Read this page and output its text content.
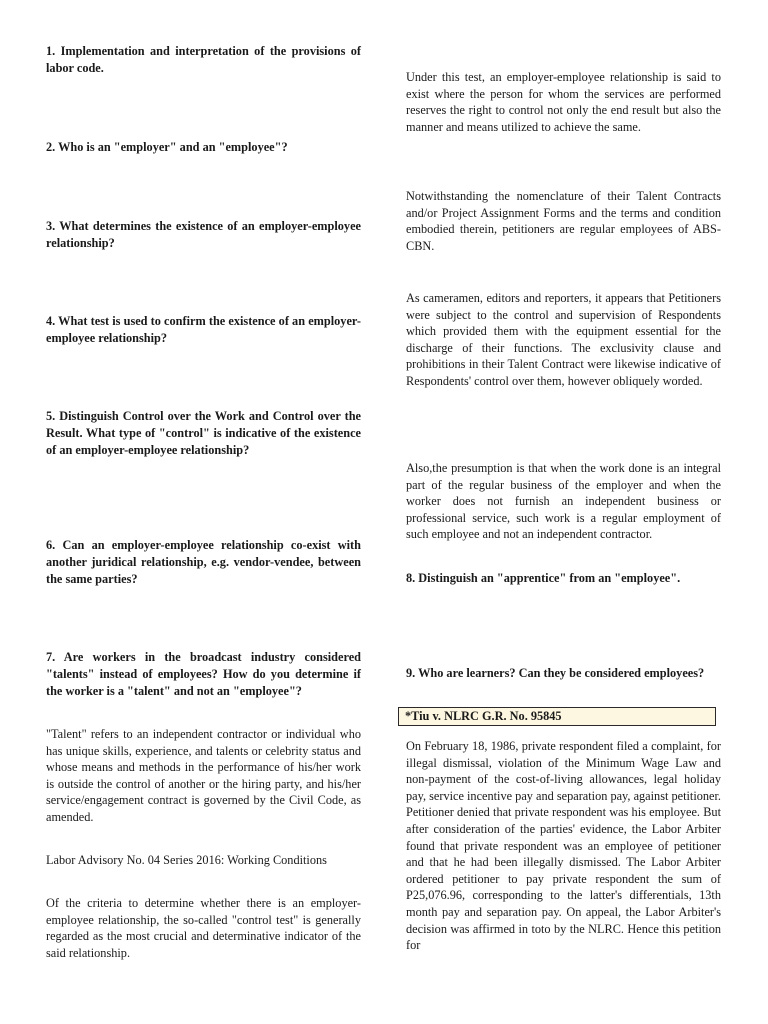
1. Implementation and interpretation of the provisions of labor code.

2. Who is an "employer" and an "employee"?

3. What determines the existence of an employer-employee relationship?

4. What test is used to confirm the existence of an employer-employee relationship?

5. Distinguish Control over the Work and Control over the Result. What type of "control" is indicative of the existence of an employer-employee relationship?

6. Can an employer-employee relationship co-exist with another juridical relationship, e.g. vendor-vendee, between the same parties?

7. Are workers in the broadcast industry considered "talents" instead of employees? How do you determine if the worker is a "talent" and not an "employee"?

"Talent" refers to an independent contractor or individual who has unique skills, experience, and talents or celebrity status and whose means and methods in the performance of his/her work is outside the control of another or the hiring party, and his/her service/engagement contract is governed by the Civil Code, as amended.

Labor Advisory No. 04 Series 2016: Working Conditions

Of the criteria to determine whether there is an employer-employee relationship, the so-called "control test" is generally regarded as the most crucial and determinative indicator of the said relationship.

Under this test, an employer-employee relationship is said to exist where the person for whom the services are performed reserves the right to control not only the end result but also the manner and means utilized to achieve the same.

Notwithstanding the nomenclature of their Talent Contracts and/or Project Assignment Forms and the terms and condition embodied therein, petitioners are regular employees of ABS-CBN.

As cameramen, editors and reporters, it appears that Petitioners were subject to the control and supervision of Respondents which provided them with the equipment essential for the discharge of their functions. The exclusivity clause and prohibitions in their Talent Contract were likewise indicative of Respondents' control over them, however obliquely worded.

Also,the presumption is that when the work done is an integral part of the regular business of the employer and when the worker does not furnish an independent business or professional service, such work is a regular employment of such employee and not an independent contractor.

8. Distinguish an "apprentice" from an "employee".

9. Who are learners? Can they be considered employees?

*Tiu v. NLRC G.R. No. 95845

On February 18, 1986, private respondent filed a complaint, for illegal dismissal, violation of the Minimum Wage Law and non-payment of the cost-of-living allowances, legal holiday pay, service incentive pay and separation pay, against petitioner. Petitioner denied that private respondent was his employee. But after consideration of the parties' evidence, the Labor Arbiter found that private respondent was an employee of petitioner and that he had been illegally dismissed. The Labor Arbiter ordered petitioner to pay private respondent the sum of P25,076.96, corresponding to the latter's differentials, 13th month pay and separation pay. On appeal, the Labor Arbiter's decision was affirmed in toto by the NLRC. Hence this petition for
